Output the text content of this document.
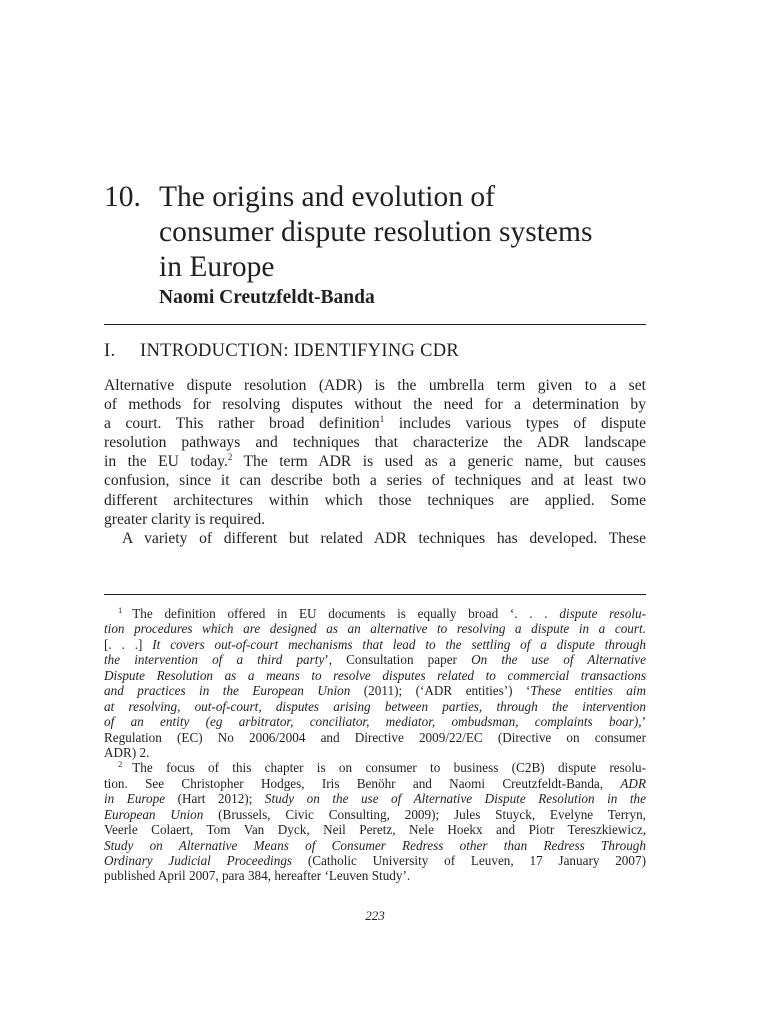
10. The origins and evolution of
consumer dispute resolution systems
in Europe
Naomi Creutzfeldt-Banda
I. INTRODUCTION: IDENTIFYING CDR
Alternative dispute resolution (ADR) is the umbrella term given to a set
of methods for resolving disputes without the need for a determination by
a court. This rather broad definition$^1$ includes various types of dispute
resolution pathways and techniques that characterize the ADR landscape
in the EU today.$^2$ The term ADR is used as a generic name, but causes
confusion, since it can describe both a series of techniques and at least two
different architectures within which those techniques are applied. Some
greater clarity is required.
A variety of different but related ADR techniques has developed. These
$^1$ The definition offered in EU documents is equally broad ‘. . . dispute resolu-
tion procedures which are designed as an alternative to resolving a dispute in a court.
[. . .] It covers out-of-court mechanisms that lead to the settling of a dispute through
the intervention of a third party’, Consultation paper On the use of Alternative
Dispute Resolution as a means to resolve disputes related to commercial transactions
and practices in the European Union (2011); (‘ADR entities’) ‘These entities aim
at resolving, out-of-court, disputes arising between parties, through the intervention
of an entity (eg arbitrator, conciliator, mediator, ombudsman, complaints boar),’
Regulation (EC) No 2006/2004 and Directive 2009/22/EC (Directive on consumer
ADR) 2.
$^2$ The focus of this chapter is on consumer to business (C2B) dispute resolu-
tion. See Christopher Hodges, Iris Benöhr and Naomi Creutzfeldt-Banda, ADR
in Europe (Hart 2012); Study on the use of Alternative Dispute Resolution in the
European Union (Brussels, Civic Consulting, 2009); Jules Stuyck, Evelyne Terryn,
Veerle Colaert, Tom Van Dyck, Neil Peretz, Nele Hoekx and Piotr Tereszkiewicz,
Study on Alternative Means of Consumer Redress other than Redress Through
Ordinary Judicial Proceedings (Catholic University of Leuven, 17 January 2007)
published April 2007, para 384, hereafter ‘Leuven Study’.
223
